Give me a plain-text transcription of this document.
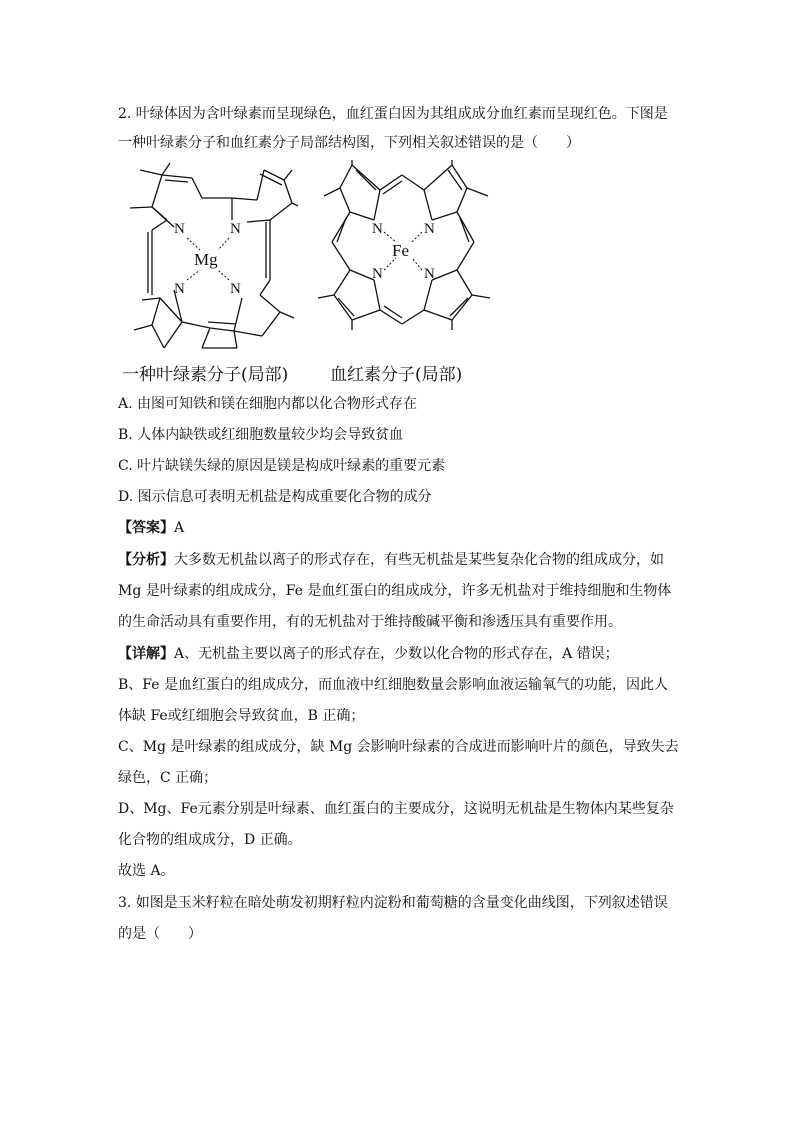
2. 叶绿体因为含叶绿素而呈现绿色，血红蛋白因为其组成成分血红素而呈现红色。下图是
一种叶绿素分子和血红素分子局部结构图，下列相关叙述错误的是（　　）
N	N
N	N
Mg
N	N
N	N
Fe
一种叶绿素分子(局部) 血红素分子(局部)
A. 由图可知铁和镁在细胞内都以化合物形式存在
B. 人体内缺铁或红细胞数量较少均会导致贫血
C. 叶片缺镁失绿的原因是镁是构成叶绿素的重要元素
D. 图示信息可表明无机盐是构成重要化合物的成分
【答案】A
【分析】大多数无机盐以离子的形式存在，有些无机盐是某些复杂化合物的组成成分，如
Mg 是叶绿素的组成成分，Fe 是血红蛋白的组成成分，许多无机盐对于维持细胞和生物体
的生命活动具有重要作用，有的无机盐对于维持酸碱平衡和渗透压具有重要作用。
【详解】A、无机盐主要以离子的形式存在，少数以化合物的形式存在，A 错误；
B、Fe 是血红蛋白的组成成分，而血液中红细胞数量会影响血液运输氧气的功能，因此人
体缺 Fe或红细胞会导致贫血，B 正确；
C、Mg 是叶绿素的组成成分，缺 Mg 会影响叶绿素的合成进而影响叶片的颜色，导致失去
绿色，C 正确；
D、Mg、Fe元素分别是叶绿素、血红蛋白的主要成分，这说明无机盐是生物体内某些复杂
化合物的组成成分，D 正确。
故选 A。
3. 如图是玉米籽粒在暗处萌发初期籽粒内淀粉和葡萄糖的含量变化曲线图，下列叙述错误
的是（　　）
